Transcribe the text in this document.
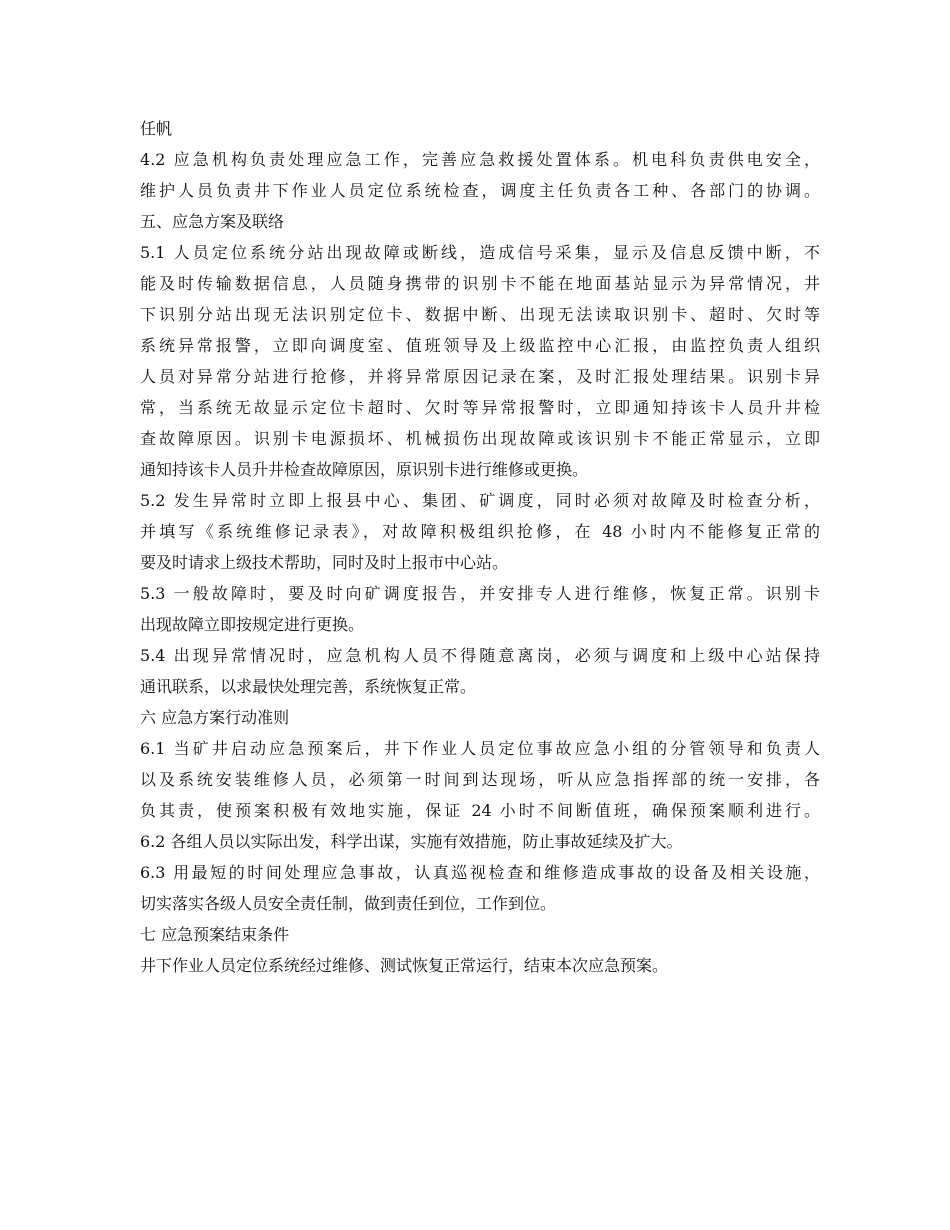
任帆
4.2 应急机构负责处理应急工作，完善应急救援处置体系。机电科负责供电安全，
维护人员负责井下作业人员定位系统检查，调度主任负责各工种、各部门的协调。
五、应急方案及联络
5.1 人员定位系统分站出现故障或断线，造成信号采集，显示及信息反馈中断，不
能及时传输数据信息，人员随身携带的识别卡不能在地面基站显示为异常情况，井
下识别分站出现无法识别定位卡、数据中断、出现无法读取识别卡、超时、欠时等
系统异常报警，立即向调度室、值班领导及上级监控中心汇报，由监控负责人组织
人员对异常分站进行抢修，并将异常原因记录在案，及时汇报处理结果。识别卡异
常，当系统无故显示定位卡超时、欠时等异常报警时，立即通知持该卡人员升井检
查故障原因。识别卡电源损坏、机械损伤出现故障或该识别卡不能正常显示，立即
通知持该卡人员升井检查故障原因，原识别卡进行维修或更换。
5.2 发生异常时立即上报县中心、集团、矿调度，同时必须对故障及时检查分析，
并填写《系统维修记录表》，对故障积极组织抢修，在 48 小时内不能修复正常的
要及时请求上级技术帮助，同时及时上报市中心站。
5.3 一般故障时，要及时向矿调度报告，并安排专人进行维修，恢复正常。识别卡
出现故障立即按规定进行更换。
5.4 出现异常情况时，应急机构人员不得随意离岗，必须与调度和上级中心站保持
通讯联系，以求最快处理完善，系统恢复正常。
六 应急方案行动准则
6.1 当矿井启动应急预案后，井下作业人员定位事故应急小组的分管领导和负责人
以及系统安装维修人员，必须第一时间到达现场，听从应急指挥部的统一安排，各
负其责，使预案积极有效地实施，保证 24 小时不间断值班，确保预案顺利进行。
6.2 各组人员以实际出发，科学出谋，实施有效措施，防止事故延续及扩大。
6.3 用最短的时间处理应急事故，认真巡视检查和维修造成事故的设备及相关设施，
切实落实各级人员安全责任制，做到责任到位，工作到位。
七 应急预案结束条件
井下作业人员定位系统经过维修、测试恢复正常运行，结束本次应急预案。
